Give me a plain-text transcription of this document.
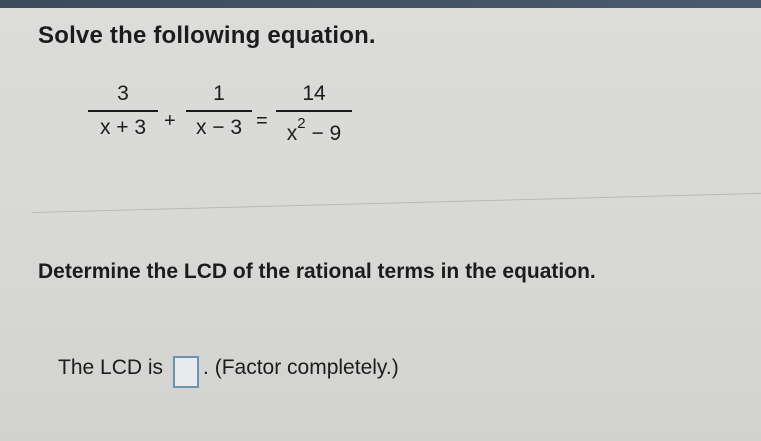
Solve the following equation.
3
x + 3 +
1
x − 3 =
14
$x^2 - 9$
Determine the LCD of the rational terms in the equation.
The LCD is . (Factor completely.)
